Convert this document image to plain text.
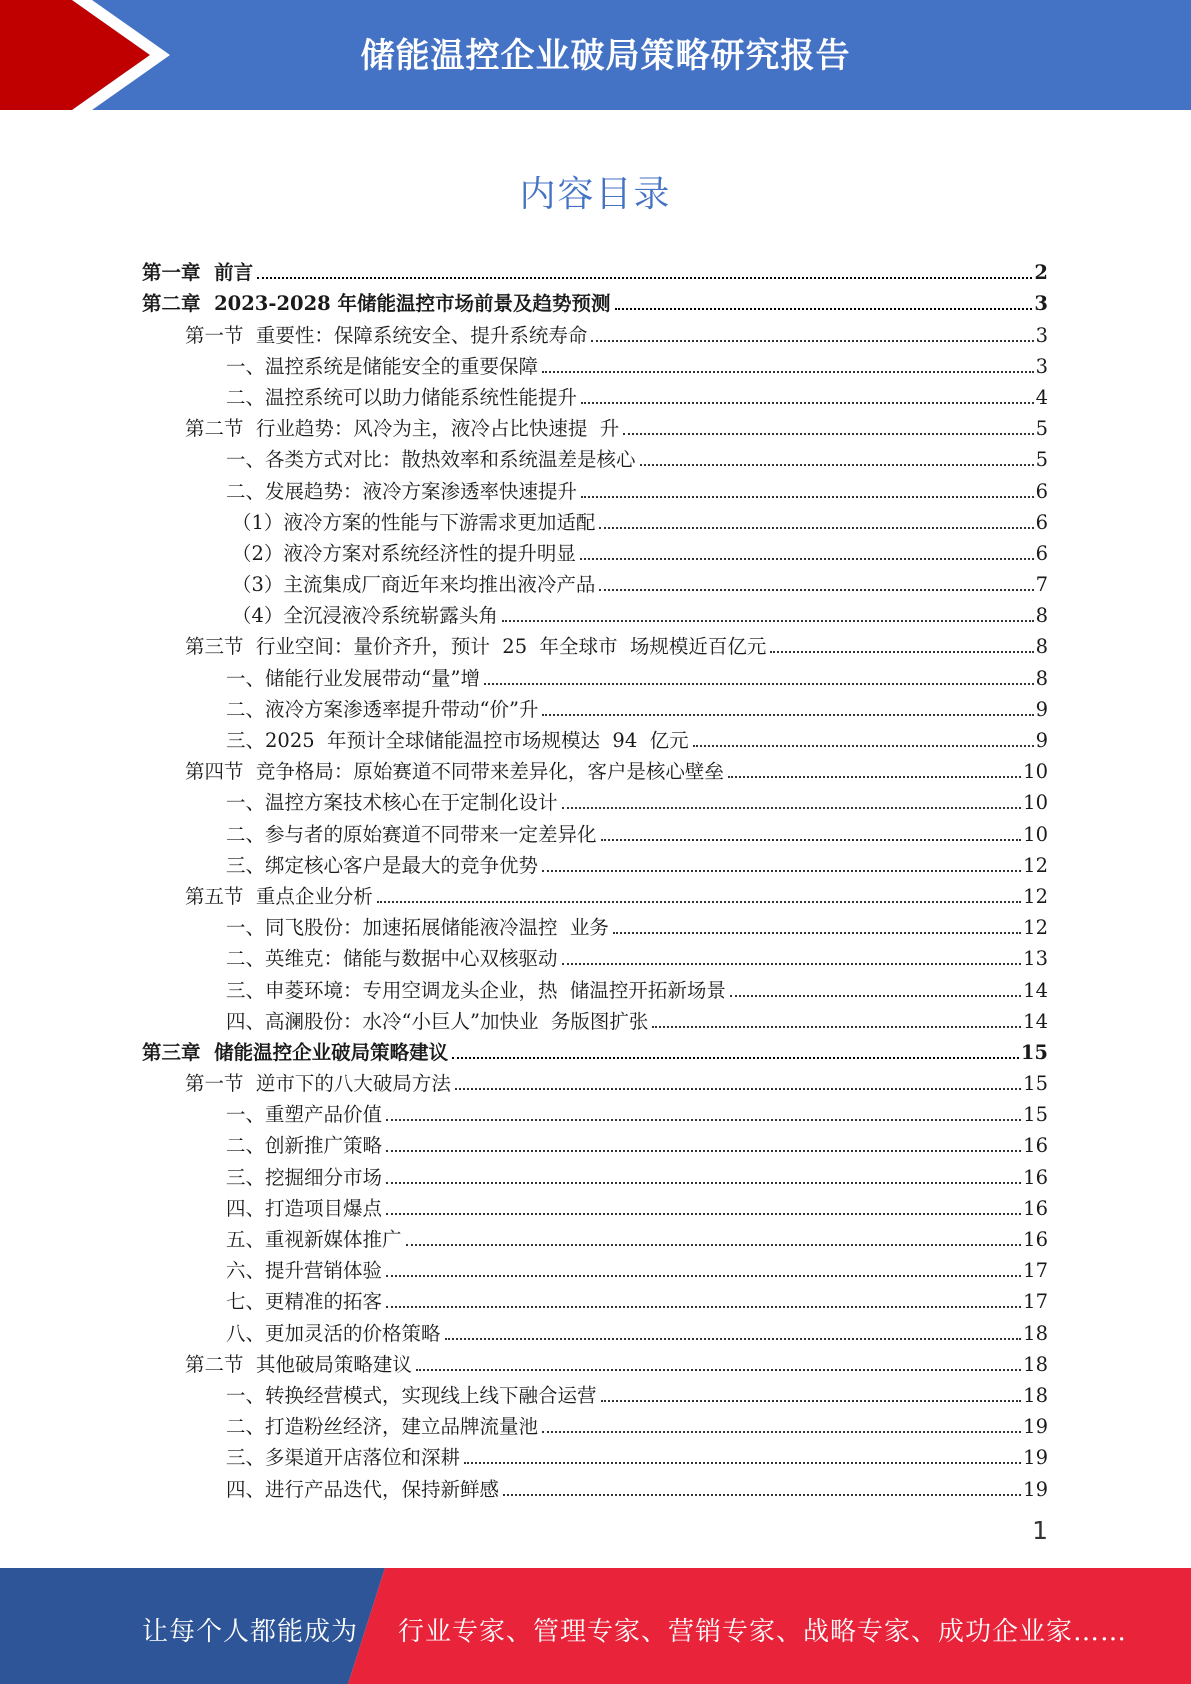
储能温控企业破局策略研究报告
内容目录
第一章  前言	2
第二章  2023-2028 年储能温控市场前景及趋势预测	3
第一节  重要性：保障系统安全、提升系统寿命	3
一、温控系统是储能安全的重要保障	3
二、温控系统可以助力储能系统性能提升	4
第二节  行业趋势：风冷为主，液冷占比快速提  升	5
一、各类方式对比：散热效率和系统温差是核心	5
二、发展趋势：液冷方案渗透率快速提升	6
（1）液冷方案的性能与下游需求更加适配	6
（2）液冷方案对系统经济性的提升明显	6
（3）主流集成厂商近年来均推出液冷产品	7
（4）全沉浸液冷系统崭露头角	8
第三节  行业空间：量价齐升，预计  25  年全球市  场规模近百亿元	8
一、储能行业发展带动“量”增	8
二、液冷方案渗透率提升带动“价”升	9
三、2025  年预计全球储能温控市场规模达  94  亿元	9
第四节  竞争格局：原始赛道不同带来差异化，客户是核心壁垒	10
一、温控方案技术核心在于定制化设计	10
二、参与者的原始赛道不同带来一定差异化	10
三、绑定核心客户是最大的竞争优势	12
第五节  重点企业分析	12
一、同飞股份：加速拓展储能液冷温控  业务	12
二、英维克：储能与数据中心双核驱动	13
三、申菱环境：专用空调龙头企业，热  储温控开拓新场景	14
四、高澜股份：水冷“小巨人”加快业  务版图扩张	14
第三章  储能温控企业破局策略建议	15
第一节  逆市下的八大破局方法	15
一、重塑产品价值	15
二、创新推广策略	16
三、挖掘细分市场	16
四、打造项目爆点	16
五、重视新媒体推广	16
六、提升营销体验	17
七、更精准的拓客	17
八、更加灵活的价格策略	18
第二节  其他破局策略建议	18
一、转换经营模式，实现线上线下融合运营	18
二、打造粉丝经济，建立品牌流量池	19
三、多渠道开店落位和深耕	19
四、进行产品迭代，保持新鲜感	19
1
让每个人都能成为 行业专家、管理专家、营销专家、战略专家、成功企业家……
